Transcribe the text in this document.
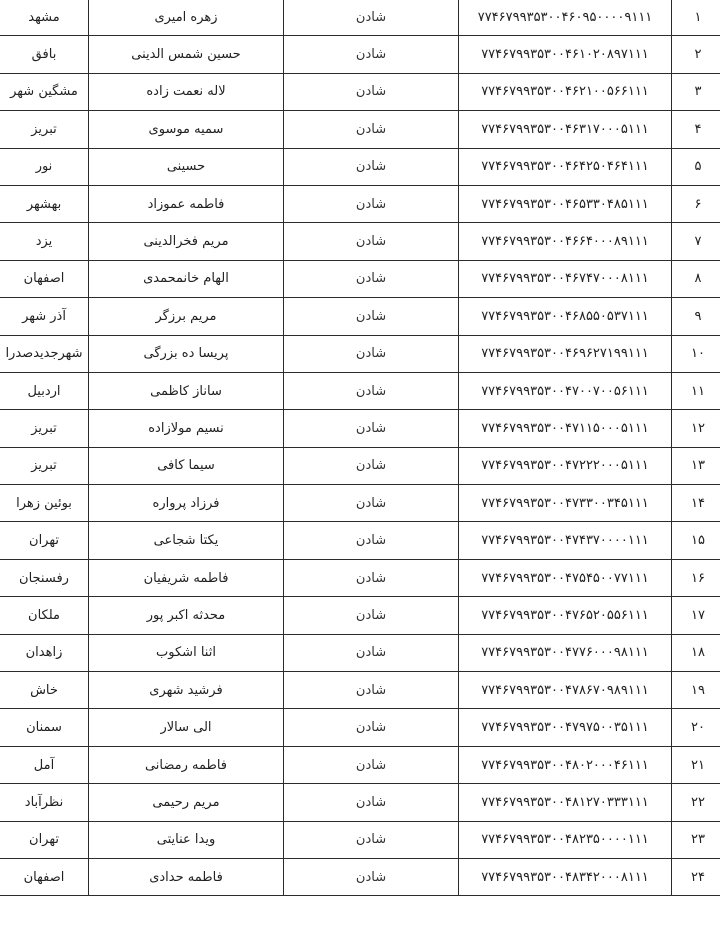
مشهد	زهره امیری	شادن	۷۷۴۶۷۹۹۳۵۳۰۰۴۶۰۹۵۰۰۰۰۹۱۱۱	۱
بافق	حسین شمس الدینی	شادن	۷۷۴۶۷۹۹۳۵۳۰۰۴۶۱۰۲۰۸۹۷۱۱۱	۲
مشگین شهر	لاله نعمت زاده	شادن	۷۷۴۶۷۹۹۳۵۳۰۰۴۶۲۱۰۰۵۶۶۱۱۱	۳
تبریز	سمیه موسوی	شادن	۷۷۴۶۷۹۹۳۵۳۰۰۴۶۳۱۷۰۰۰۵۱۱۱	۴
نور	حسینی	شادن	۷۷۴۶۷۹۹۳۵۳۰۰۴۶۴۲۵۰۴۶۴۱۱۱	۵
بهشهر	فاطمه عموزاد	شادن	۷۷۴۶۷۹۹۳۵۳۰۰۴۶۵۳۳۰۴۸۵۱۱۱	۶
یزد	مریم فخرالدینی	شادن	۷۷۴۶۷۹۹۳۵۳۰۰۴۶۶۴۰۰۰۸۹۱۱۱	۷
اصفهان	الهام خانمحمدی	شادن	۷۷۴۶۷۹۹۳۵۳۰۰۴۶۷۴۷۰۰۰۸۱۱۱	۸
آذر شهر	مریم برزگر	شادن	۷۷۴۶۷۹۹۳۵۳۰۰۴۶۸۵۵۰۵۳۷۱۱۱	۹
شهرجدیدصدرا	پریسا ده بزرگی	شادن	۷۷۴۶۷۹۹۳۵۳۰۰۴۶۹۶۲۷۱۹۹۱۱۱	۱۰
اردبیل	ساناز کاظمی	شادن	۷۷۴۶۷۹۹۳۵۳۰۰۴۷۰۰۷۰۰۵۶۱۱۱	۱۱
تبریز	نسیم مولازاده	شادن	۷۷۴۶۷۹۹۳۵۳۰۰۴۷۱۱۵۰۰۰۵۱۱۱	۱۲
تبریز	سیما کافی	شادن	۷۷۴۶۷۹۹۳۵۳۰۰۴۷۲۲۲۰۰۰۵۱۱۱	۱۳
بوئین زهرا	فرزاد پرواره	شادن	۷۷۴۶۷۹۹۳۵۳۰۰۴۷۳۳۰۰۳۴۵۱۱۱	۱۴
تهران	یکتا شجاعی	شادن	۷۷۴۶۷۹۹۳۵۳۰۰۴۷۴۳۷۰۰۰۰۱۱۱	۱۵
رفسنجان	فاطمه شریفیان	شادن	۷۷۴۶۷۹۹۳۵۳۰۰۴۷۵۴۵۰۰۷۷۱۱۱	۱۶
ملکان	محدثه اکبر پور	شادن	۷۷۴۶۷۹۹۳۵۳۰۰۴۷۶۵۲۰۵۵۶۱۱۱	۱۷
زاهدان	اثنا اشکوب	شادن	۷۷۴۶۷۹۹۳۵۳۰۰۴۷۷۶۰۰۰۹۸۱۱۱	۱۸
خاش	فرشید شهری	شادن	۷۷۴۶۷۹۹۳۵۳۰۰۴۷۸۶۷۰۹۸۹۱۱۱	۱۹
سمنان	الی سالار	شادن	۷۷۴۶۷۹۹۳۵۳۰۰۴۷۹۷۵۰۰۳۵۱۱۱	۲۰
آمل	فاطمه رمضانی	شادن	۷۷۴۶۷۹۹۳۵۳۰۰۴۸۰۲۰۰۰۴۶۱۱۱	۲۱
نظرآباد	مریم رحیمی	شادن	۷۷۴۶۷۹۹۳۵۳۰۰۴۸۱۲۷۰۳۳۳۱۱۱	۲۲
تهران	ویدا عنایتی	شادن	۷۷۴۶۷۹۹۳۵۳۰۰۴۸۲۳۵۰۰۰۰۱۱۱	۲۳
اصفهان	فاطمه حدادی	شادن	۷۷۴۶۷۹۹۳۵۳۰۰۴۸۳۴۲۰۰۰۸۱۱۱	۲۴
